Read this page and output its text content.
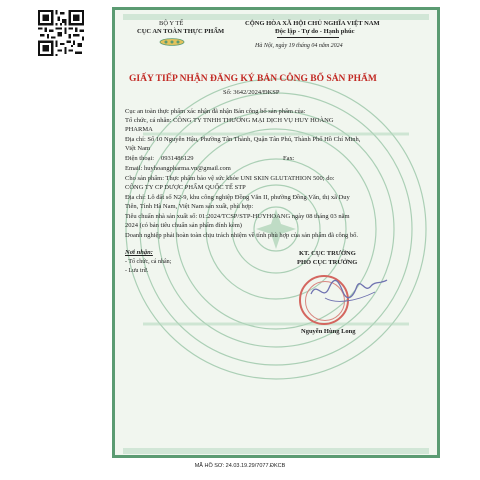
BỘ Y TẾ
CỤC AN TOÀN THỰC PHẨM
CỘNG HÒA XÃ HỘI CHỦ NGHĨA VIỆT NAM
Độc lập - Tự do - Hạnh phúc
Hà Nội, ngày 19 tháng 04 năm 2024
GIẤY TIẾP NHẬN ĐĂNG KÝ BẢN CÔNG BỐ SẢN PHẨM
Số: 3642/2024/ĐKSP
Cục an toàn thực phẩm xác nhận đã nhận Bản công bố sản phẩm của:
Tổ chức, cá nhân: CÔNG TY TNHH THƯƠNG MẠI DỊCH VỤ HUY HOÀNG
PHARMA
Địa chỉ: Số 10 Nguyễn Hậu, Phường Tân Thành, Quận Tân Phú, Thành Phố Hồ Chí Minh,
Việt Nam
Điện thoại: 0931486129	Fax:
Email: huyhoangpharma.vn@gmail.com
Cho sản phẩm: Thực phẩm bảo vệ sức khỏe UNI SKIN GLUTATHION 500; do:
CÔNG TY CP DƯỢC PHẨM QUỐC TẾ STP
Địa chỉ: Lô đất số N2-9, khu công nghiệp Đồng Văn II, phường Đồng Văn, thị xã Duy
Tiên, Tỉnh Hà Nam, Việt Nam sản xuất, phù hợp:
Tiêu chuẩn nhà sản xuất số: 01:2024/TCSP/STP-HUYHOANG ngày 08 tháng 03 năm
2024 (có bản tiêu chuẩn sản phẩm đính kèm)
Doanh nghiệp phải hoàn toàn chịu trách nhiệm về tính phù hợp của sản phẩm đã công bố.
Nơi nhận:
- Tổ chức, cá nhân;
- Lưu trữ.
KT. CỤC TRƯỞNG
PHÓ CỤC TRƯỞNG
Nguyễn Hùng Long
MÃ HỒ SƠ: 24.03.19.29/7077.ĐKCB
